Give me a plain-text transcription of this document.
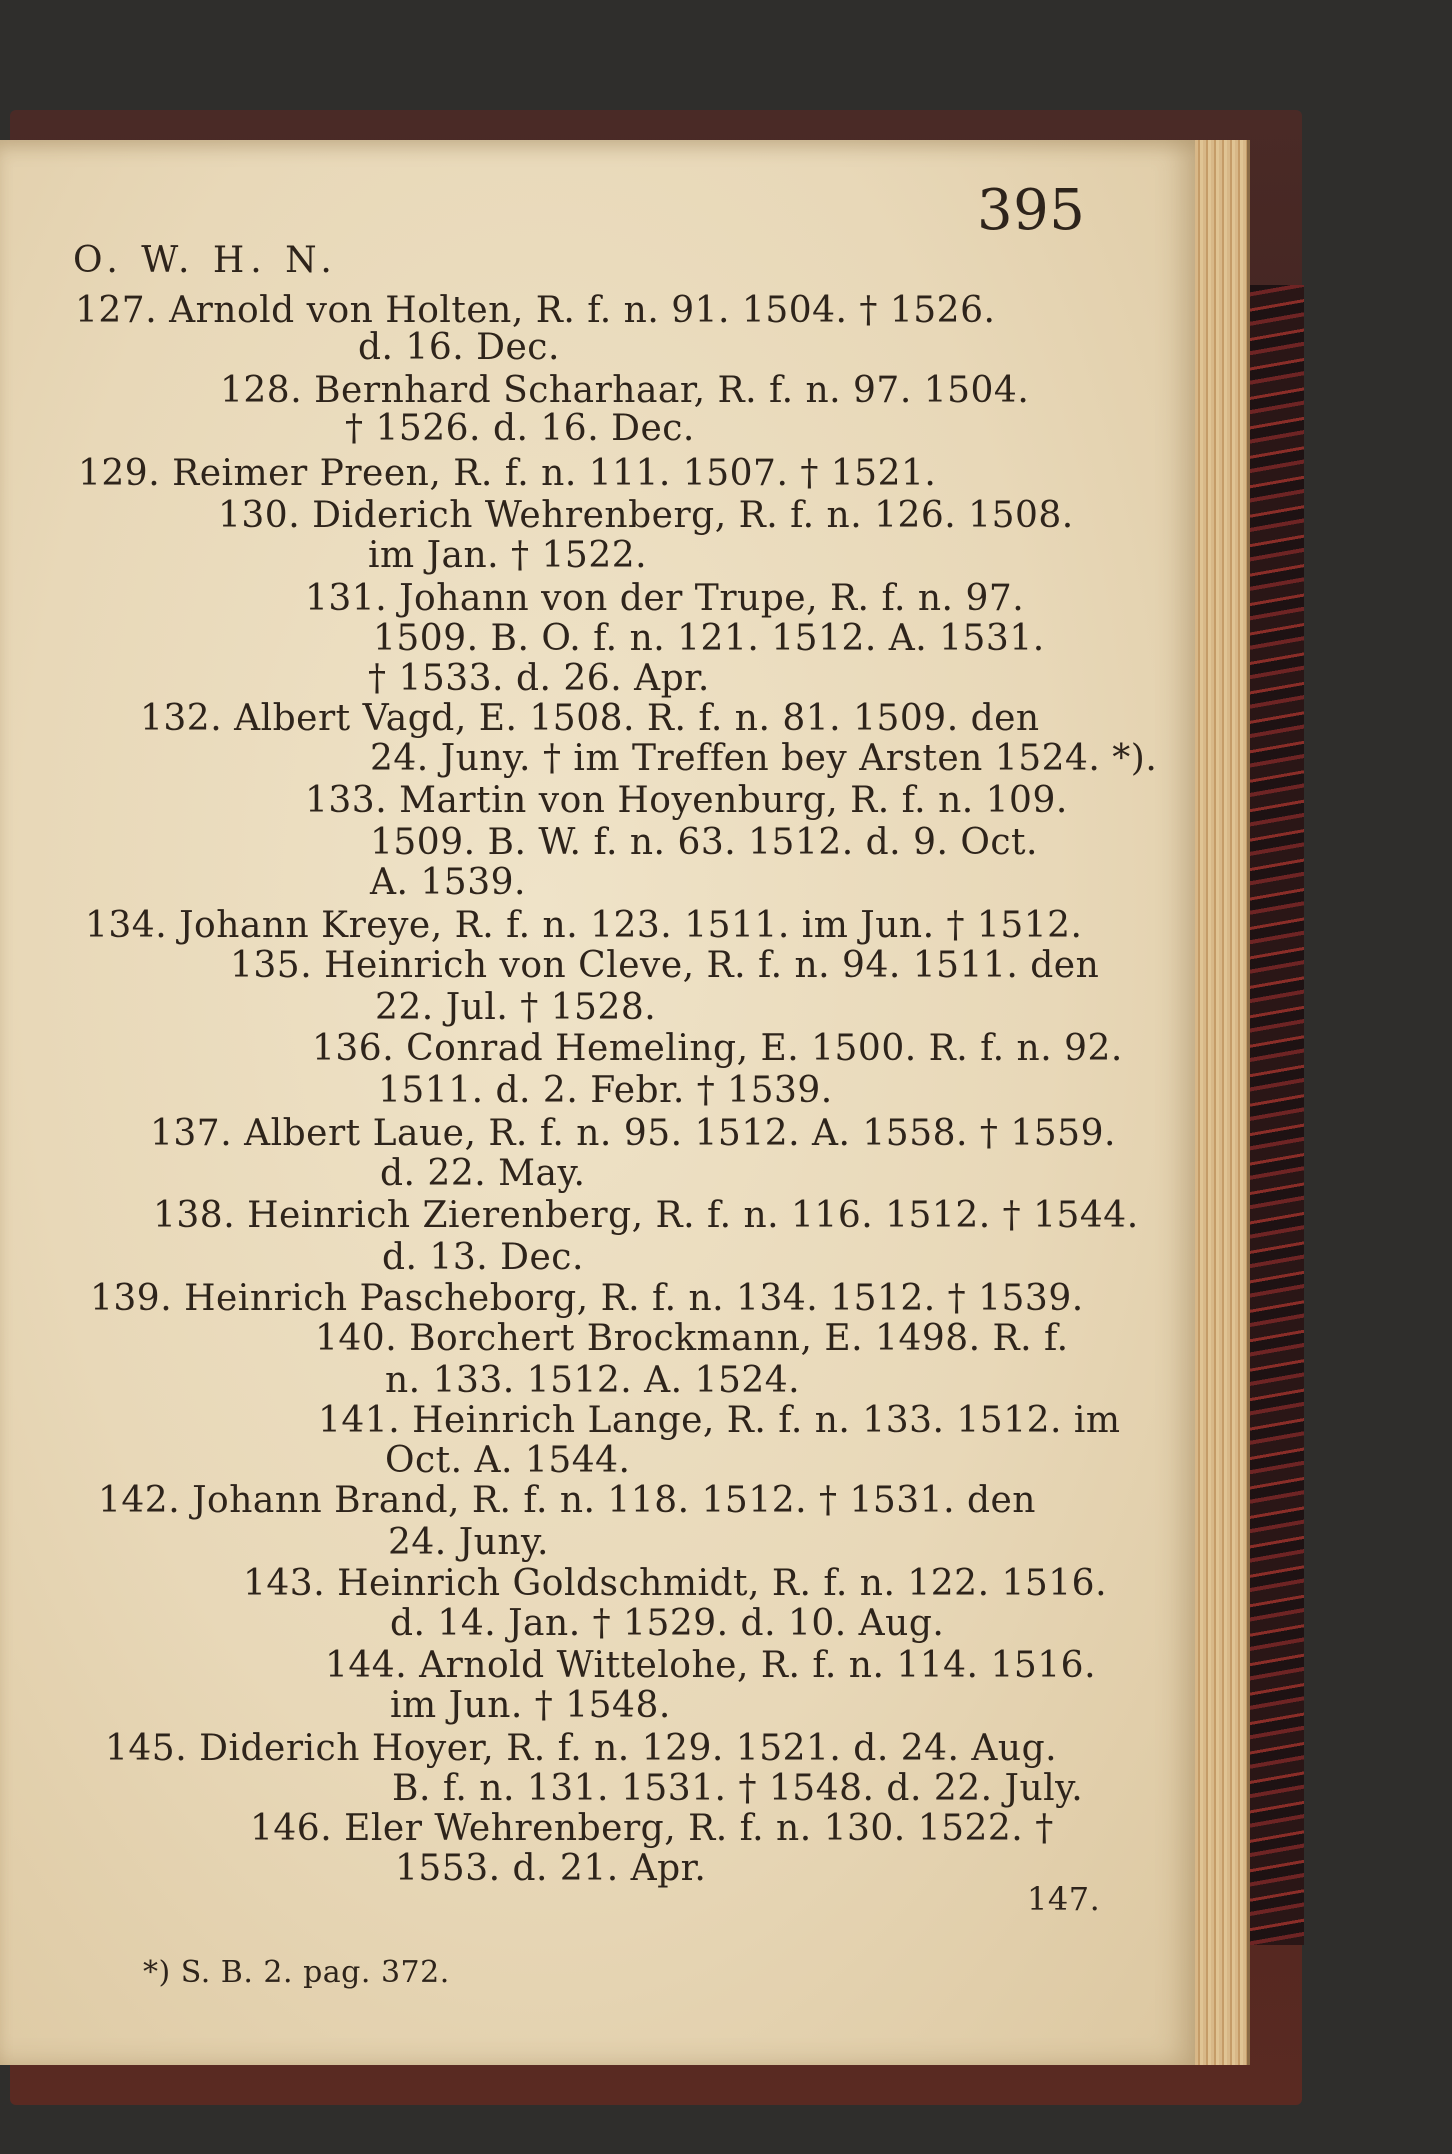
395
O. W. H. N.
127. Arnold von Holten, R. f. n. 91. 1504. † 1526.
d. 16. Dec.
128. Bernhard Scharhaar, R. f. n. 97. 1504.
† 1526. d. 16. Dec.
129. Reimer Preen, R. f. n. 111. 1507. † 1521.
130. Diderich Wehrenberg, R. f. n. 126. 1508.
im Jan. † 1522.
131. Johann von der Trupe, R. f. n. 97.
1509. B. O. f. n. 121. 1512. A. 1531.
† 1533. d. 26. Apr.
132. Albert Vagd, E. 1508. R. f. n. 81. 1509. den
24. Juny. † im Treffen bey Arsten 1524. *).
133. Martin von Hoyenburg, R. f. n. 109.
1509. B. W. f. n. 63. 1512. d. 9. Oct.
A. 1539.
134. Johann Kreye, R. f. n. 123. 1511. im Jun. † 1512.
135. Heinrich von Cleve, R. f. n. 94. 1511. den
22. Jul. † 1528.
136. Conrad Hemeling, E. 1500. R. f. n. 92.
1511. d. 2. Febr. † 1539.
137. Albert Laue, R. f. n. 95. 1512. A. 1558. † 1559.
d. 22. May.
138. Heinrich Zierenberg, R. f. n. 116. 1512. † 1544.
d. 13. Dec.
139. Heinrich Pascheborg, R. f. n. 134. 1512. † 1539.
140. Borchert Brockmann, E. 1498. R. f.
n. 133. 1512. A. 1524.
141. Heinrich Lange, R. f. n. 133. 1512. im
Oct. A. 1544.
142. Johann Brand, R. f. n. 118. 1512. † 1531. den
24. Juny.
143. Heinrich Goldschmidt, R. f. n. 122. 1516.
d. 14. Jan. † 1529. d. 10. Aug.
144. Arnold Wittelohe, R. f. n. 114. 1516.
im Jun. † 1548.
145. Diderich Hoyer, R. f. n. 129. 1521. d. 24. Aug.
B. f. n. 131. 1531. † 1548. d. 22. July.
146. Eler Wehrenberg, R. f. n. 130. 1522. †
1553. d. 21. Apr.
147.
*) S. B. 2. pag. 372.
